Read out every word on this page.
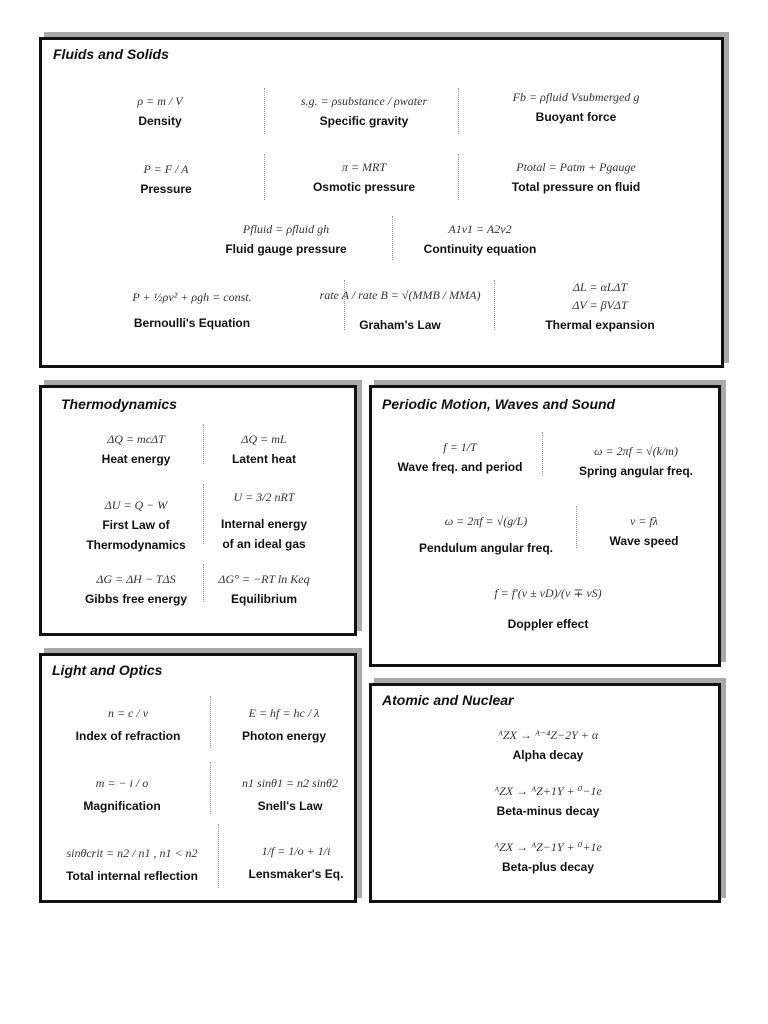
Fluids and Solids
ρ = m / V
Density
s.g. = ρsubstance / ρwater
Specific gravity
Fb = ρfluid Vsubmerged g
Buoyant force
P = F / A
Pressure
π = MRT
Osmotic pressure
Ptotal = Patm + Pgauge
Total pressure on fluid
Pfluid = ρfluid gh
Fluid gauge pressure
A1v1 = A2v2
Continuity equation
P + ½ρv² + ρgh = const.
Bernoulli's Equation
rate A / rate B = √(MMB / MMA)
Graham's Law
ΔL = αLΔT
ΔV = βVΔT
Thermal expansion
Thermodynamics
ΔQ = mcΔT
Heat energy
ΔQ = mL
Latent heat
ΔU = Q − W
First Law of
Thermodynamics
U = 3/2 nRT
Internal energy
of an ideal gas
ΔG = ΔH − TΔS
Gibbs free energy
ΔG° = −RT ln Keq
Equilibrium
Periodic Motion, Waves and Sound
f = 1/T
Wave freq. and period
ω = 2πf = √(k/m)
Spring angular freq.
ω = 2πf = √(g/L)
Pendulum angular freq.
v = fλ
Wave speed
f = f′(v ± vD)/(v ∓ vS)
Doppler effect
Light and Optics
n = c / v
Index of refraction
E = hf = hc / λ
Photon energy
m = − i / o
Magnification
n1 sinθ1 = n2 sinθ2
Snell's Law
sinθcrit = n2 / n1 , n1 < n2
Total internal reflection
1/f = 1/o + 1/i
Lensmaker's Eq.
Atomic and Nuclear
ᴬZX → ᴬ⁻⁴Z−2Y + α
Alpha decay
ᴬZX → ᴬZ+1Y + ⁰−1e
Beta-minus decay
ᴬZX → ᴬZ−1Y + ⁰+1e
Beta-plus decay
